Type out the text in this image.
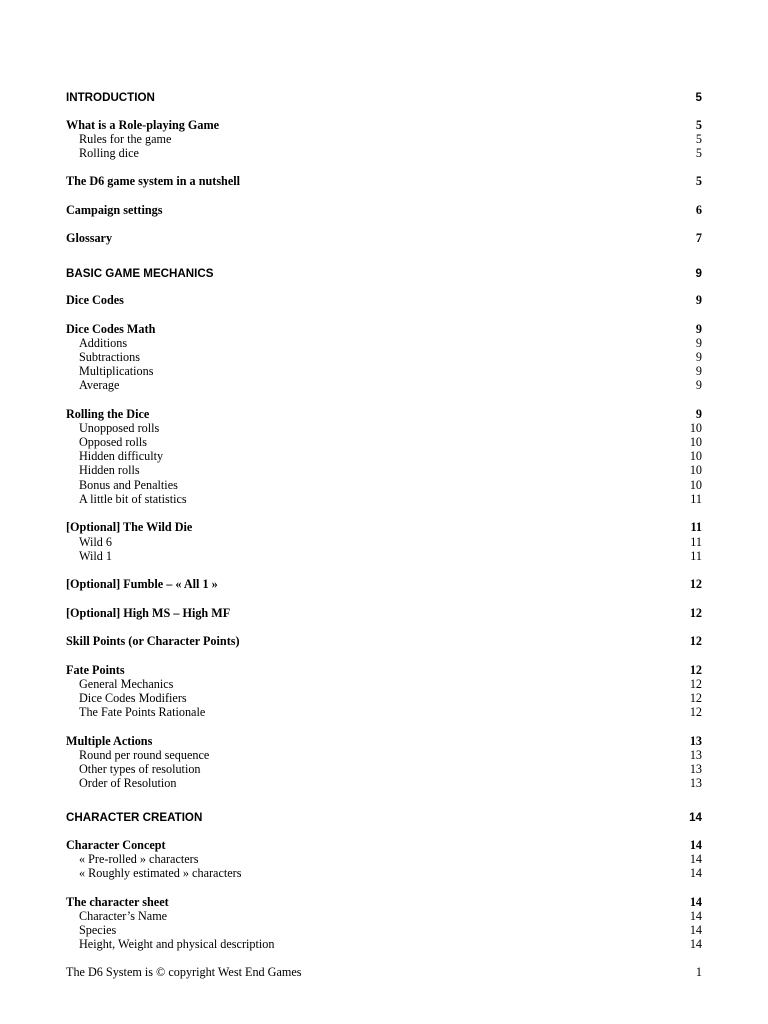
INTRODUCTION	5
What is a Role-playing Game	5
Rules for the game	5
Rolling dice	5
The D6 game system in a nutshell	5
Campaign settings	6
Glossary	7
BASIC GAME MECHANICS	9
Dice Codes	9
Dice Codes Math	9
Additions	9
Subtractions	9
Multiplications	9
Average	9
Rolling the Dice	9
Unopposed rolls	10
Opposed rolls	10
Hidden difficulty	10
Hidden rolls	10
Bonus and Penalties	10
A little bit of statistics	11
[Optional] The Wild Die	11
Wild 6	11
Wild 1	11
[Optional] Fumble – « All 1 »	12
[Optional] High MS – High MF	12
Skill Points (or Character Points)	12
Fate Points	12
General Mechanics	12
Dice Codes Modifiers	12
The Fate Points Rationale	12
Multiple Actions	13
Round per round sequence	13
Other types of resolution	13
Order of Resolution	13
CHARACTER CREATION	14
Character Concept	14
« Pre-rolled » characters	14
« Roughly estimated » characters	14
The character sheet	14
Character’s Name	14
Species	14
Height, Weight and physical description	14
The D6 System is © copyright West End Games	1
